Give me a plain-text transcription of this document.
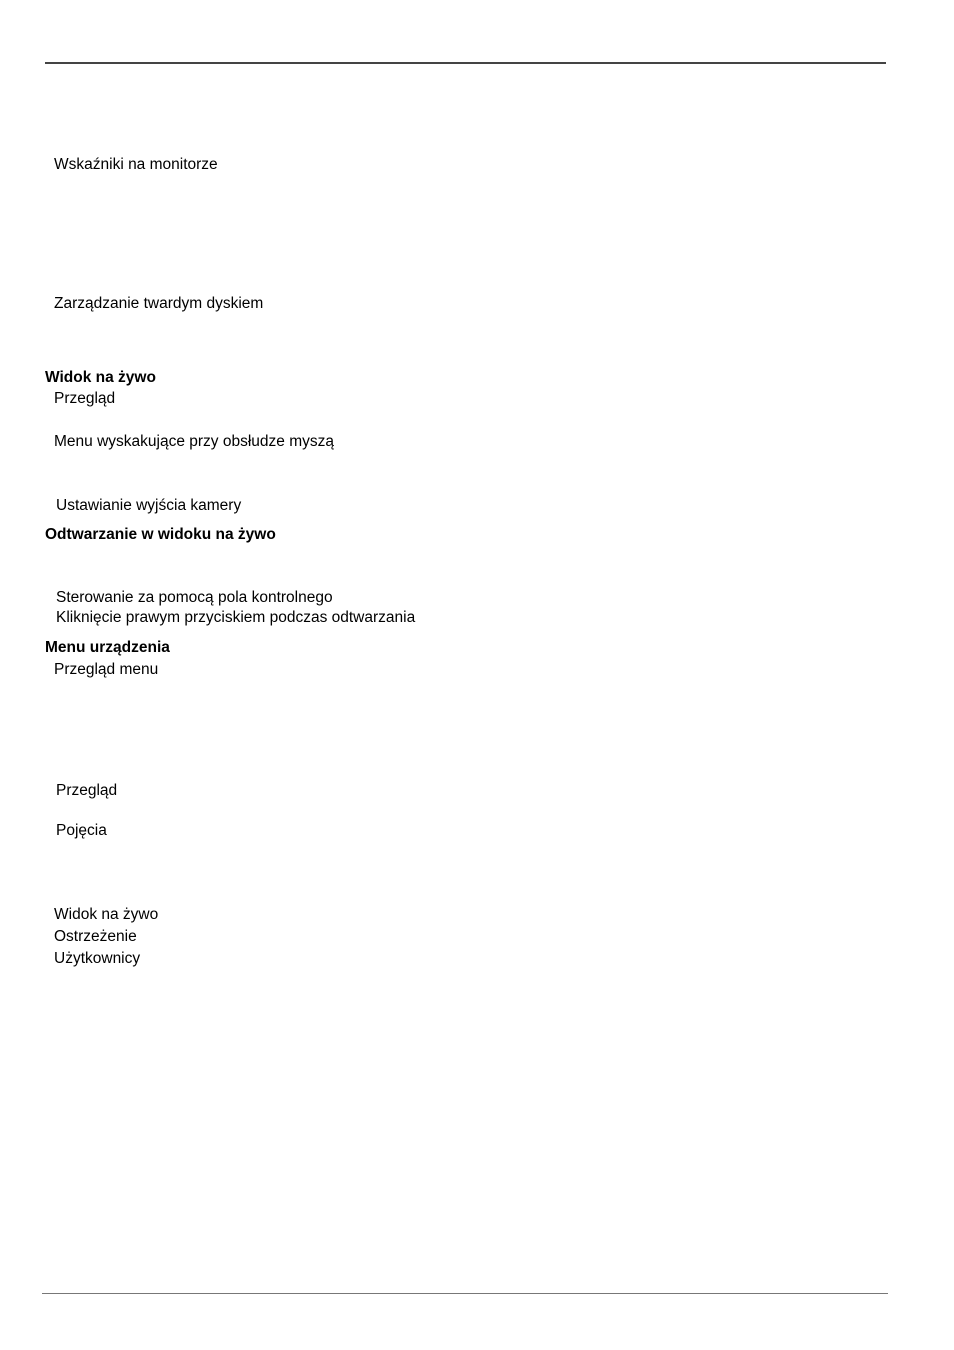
Wskaźniki na monitorze
Zarządzanie twardym dyskiem
Widok na żywo
Przegląd
Menu wyskakujące przy obsłudze myszą
Ustawianie wyjścia kamery
Odtwarzanie w widoku na żywo
Sterowanie za pomocą pola kontrolnego
Kliknięcie prawym przyciskiem podczas odtwarzania
Menu urządzenia
Przegląd menu
Przegląd
Pojęcia
Widok na żywo
Ostrzeżenie
Użytkownicy
